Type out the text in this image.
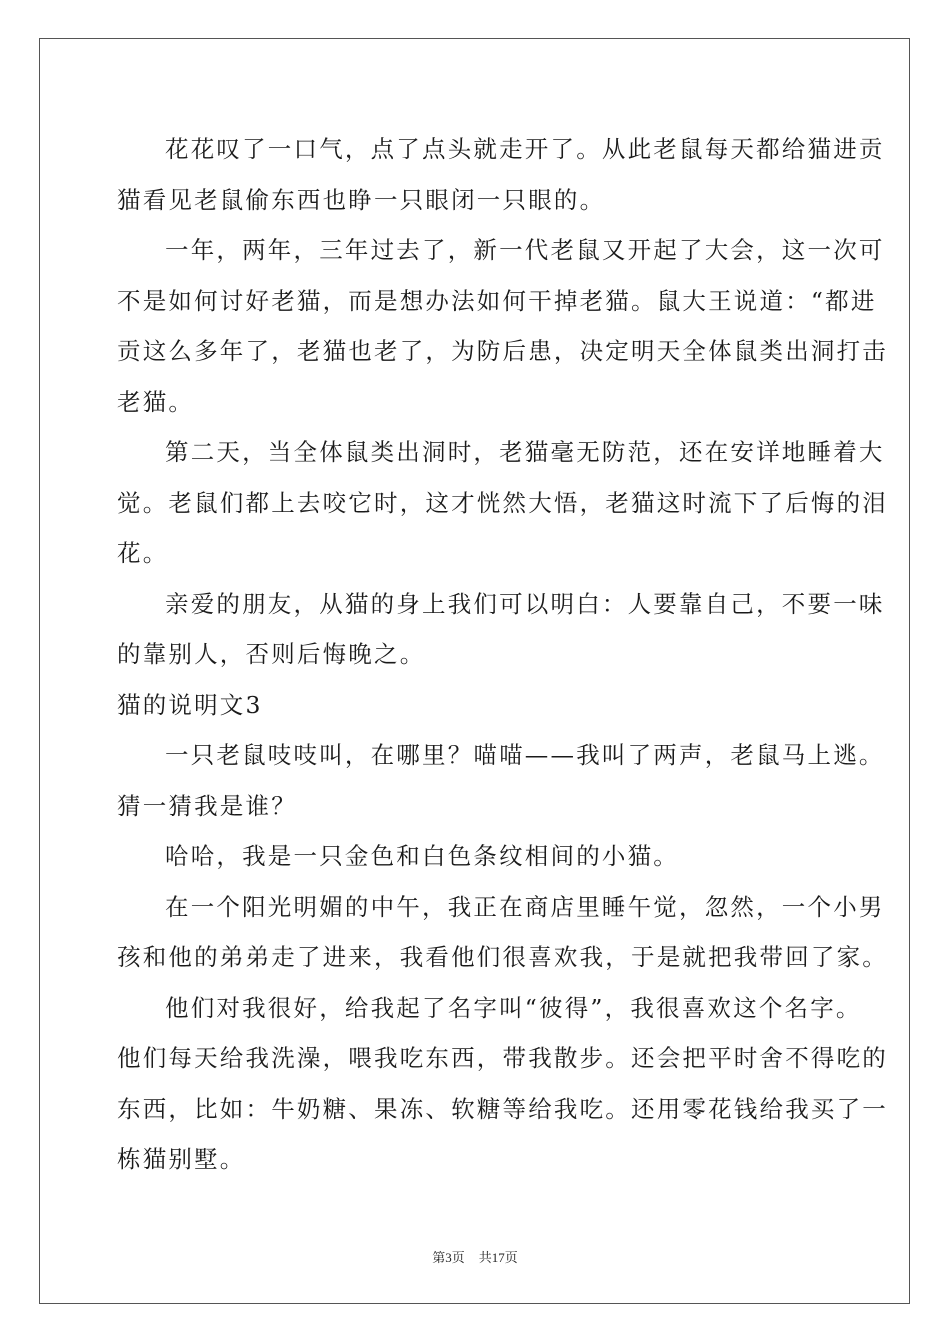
花花叹了一口气，点了点头就走开了。从此老鼠每天都给猫进贡
猫看见老鼠偷东西也睁一只眼闭一只眼的。
一年，两年，三年过去了，新一代老鼠又开起了大会，这一次可
不是如何讨好老猫，而是想办法如何干掉老猫。鼠大王说道：“都进
贡这么多年了，老猫也老了，为防后患，决定明天全体鼠类出洞打击
老猫。
第二天，当全体鼠类出洞时，老猫毫无防范，还在安详地睡着大
觉。老鼠们都上去咬它时，这才恍然大悟，老猫这时流下了后悔的泪
花。
亲爱的朋友，从猫的身上我们可以明白：人要靠自己，不要一味
的靠别人，否则后悔晚之。
猫的说明文3
一只老鼠吱吱叫，在哪里？喵喵——我叫了两声，老鼠马上逃。
猜一猜我是谁？
哈哈，我是一只金色和白色条纹相间的小猫。
在一个阳光明媚的中午，我正在商店里睡午觉，忽然，一个小男
孩和他的弟弟走了进来，我看他们很喜欢我，于是就把我带回了家。
他们对我很好，给我起了名字叫“彼得”，我很喜欢这个名字。
他们每天给我洗澡，喂我吃东西，带我散步。还会把平时舍不得吃的
东西，比如：牛奶糖、果冻、软糖等给我吃。还用零花钱给我买了一
栋猫别墅。
第3页 共17页
